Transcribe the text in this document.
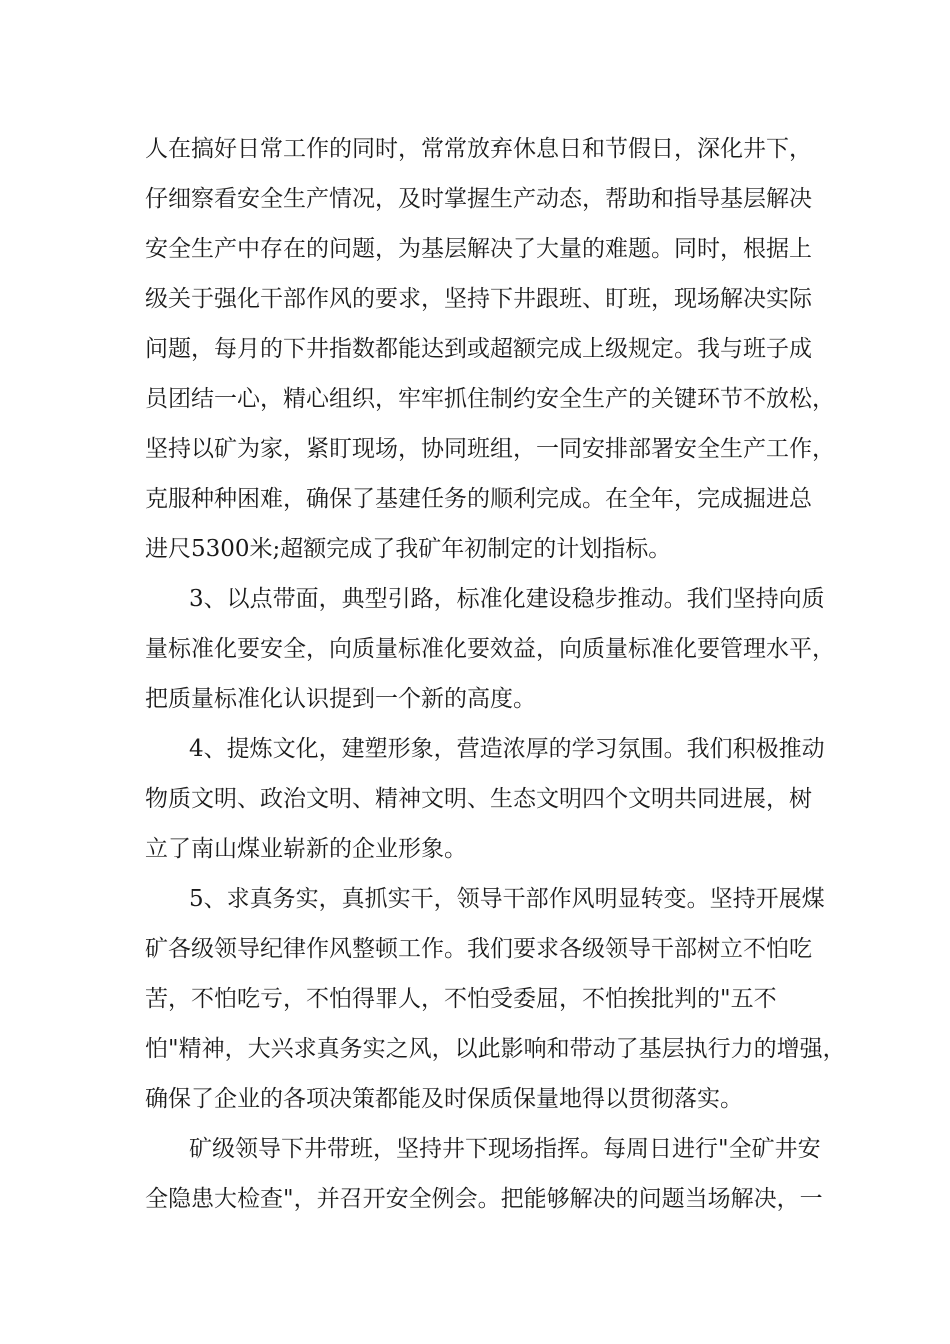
人在搞好日常工作的同时，常常放弃休息日和节假日，深化井下，
仔细察看安全生产情况，及时掌握生产动态，帮助和指导基层解决
安全生产中存在的问题，为基层解决了大量的难题。同时，根据上
级关于强化干部作风的要求，坚持下井跟班、盯班，现场解决实际
问题，每月的下井指数都能达到或超额完成上级规定。我与班子成
员团结一心，精心组织，牢牢抓住制约安全生产的关键环节不放松，
坚持以矿为家，紧盯现场，协同班组，一同安排部署安全生产工作，
克服种种困难，确保了基建任务的顺利完成。在全年，完成掘进总
进尺5300米;超额完成了我矿年初制定的计划指标。
3、以点带面，典型引路，标准化建设稳步推动。我们坚持向质
量标准化要安全，向质量标准化要效益，向质量标准化要管理水平，
把质量标准化认识提到一个新的高度。
4、提炼文化，建塑形象，营造浓厚的学习氛围。我们积极推动
物质文明、政治文明、精神文明、生态文明四个文明共同进展，树
立了南山煤业崭新的企业形象。
5、求真务实，真抓实干，领导干部作风明显转变。坚持开展煤
矿各级领导纪律作风整顿工作。我们要求各级领导干部树立不怕吃
苦，不怕吃亏，不怕得罪人，不怕受委屈，不怕挨批判的"五不
怕"精神，大兴求真务实之风，以此影响和带动了基层执行力的增强，
确保了企业的各项决策都能及时保质保量地得以贯彻落实。
矿级领导下井带班，坚持井下现场指挥。每周日进行"全矿井安
全隐患大检查"，并召开安全例会。把能够解决的问题当场解决，一
